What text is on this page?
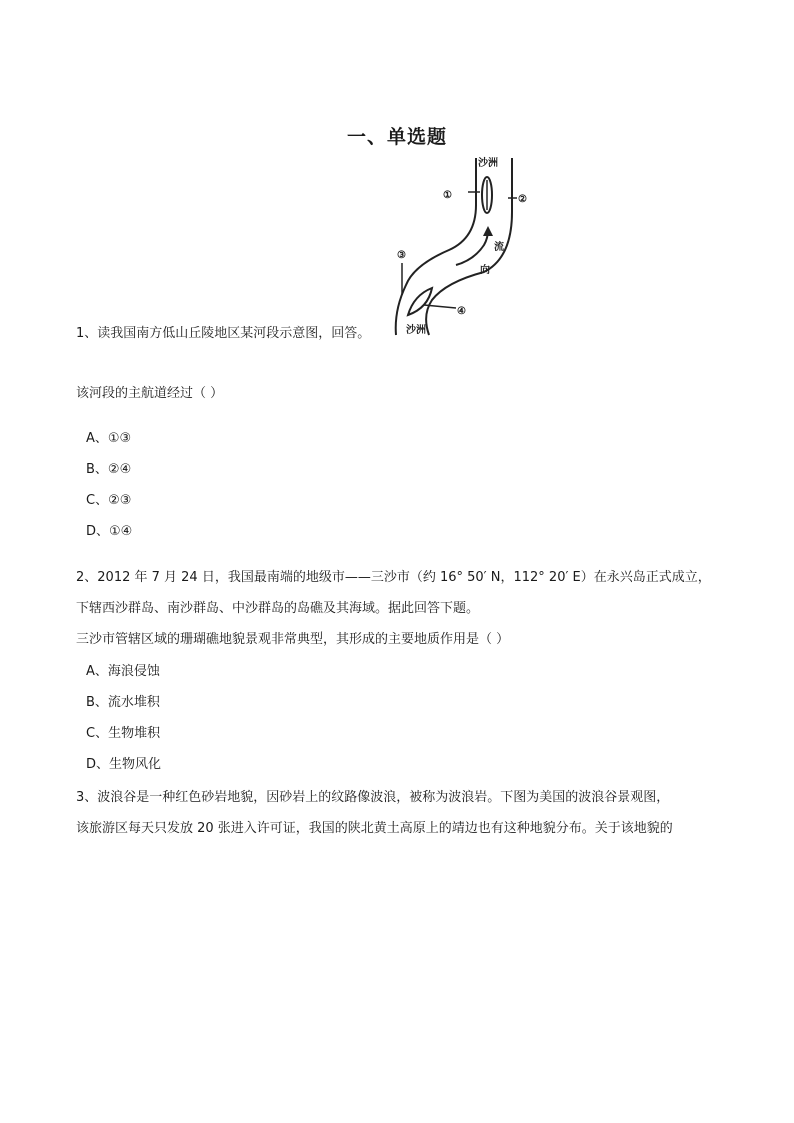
一、单选题
沙洲
沙洲
流
向
①	②
③
④
1、读我国南方低山丘陵地区某河段示意图，回答。
该河段的主航道经过（ ）
A、①③
B、②④
C、②③
D、①④
2、2012 年 7 月 24 日，我国最南端的地级市——三沙市（约 16° 50′ N，112° 20′ E）在永兴岛正式成立，
下辖西沙群岛、南沙群岛、中沙群岛的岛礁及其海域。据此回答下题。
三沙市管辖区域的珊瑚礁地貌景观非常典型，其形成的主要地质作用是（ ）
A、海浪侵蚀
B、流水堆积
C、生物堆积
D、生物风化
3、波浪谷是一种红色砂岩地貌，因砂岩上的纹路像波浪，被称为波浪岩。下图为美国的波浪谷景观图，
该旅游区每天只发放 20 张进入许可证，我国的陕北黄土高原上的靖边也有这种地貌分布。关于该地貌的
